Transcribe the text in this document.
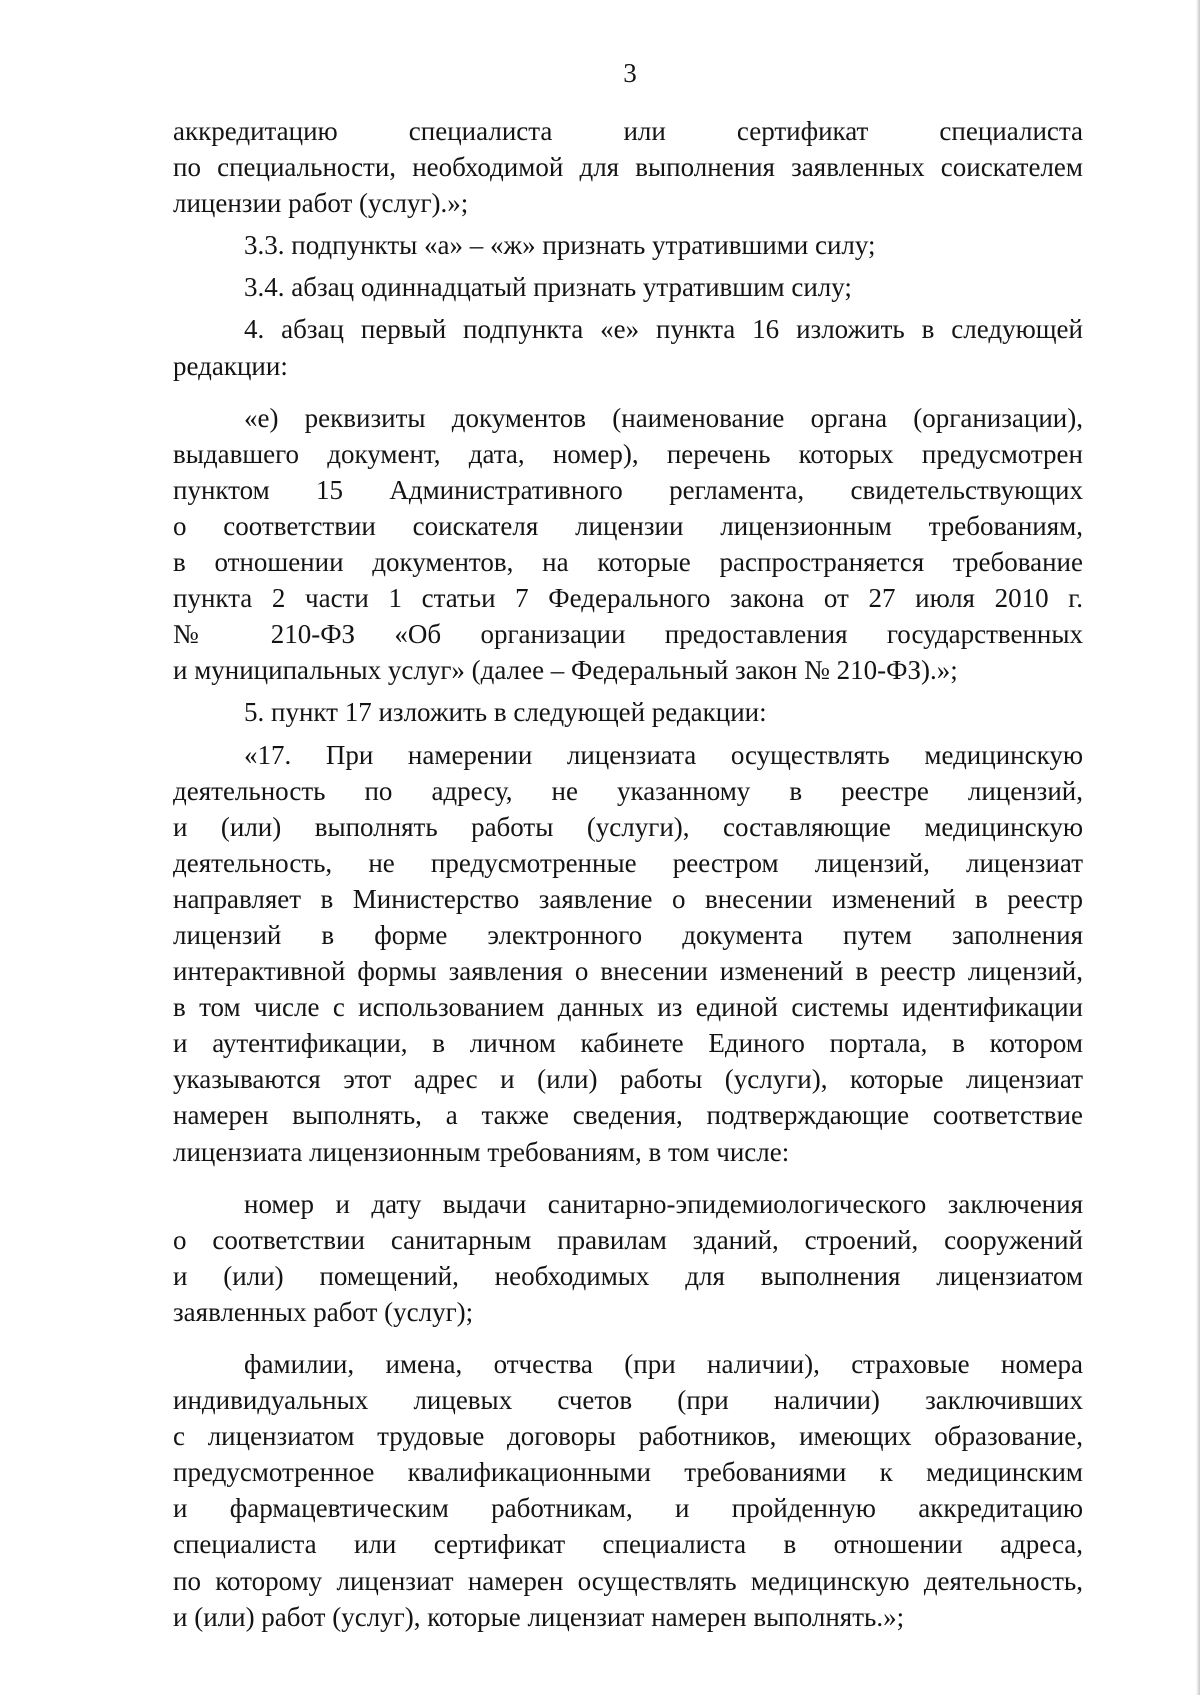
3
аккредитацию специалиста или сертификат специалиста
по специальности, необходимой для выполнения заявленных соискателем
лицензии работ (услуг).»;
3.3. подпункты «а» – «ж» признать утратившими силу;
3.4. абзац одиннадцатый признать утратившим силу;
4. абзац первый подпункта «е» пункта 16 изложить в следующей
редакции:
«е) реквизиты документов (наименование органа (организации),
выдавшего документ, дата, номер), перечень которых предусмотрен
пунктом 15 Административного регламента, свидетельствующих
о соответствии соискателя лицензии лицензионным требованиям,
в отношении документов, на которые распространяется требование
пункта 2 части 1 статьи 7 Федерального закона от 27 июля 2010 г.
№ 210-ФЗ «Об организации предоставления государственных
и муниципальных услуг» (далее – Федеральный закон № 210-ФЗ).»;
5. пункт 17 изложить в следующей редакции:
«17. При намерении лицензиата осуществлять медицинскую
деятельность по адресу, не указанному в реестре лицензий,
и (или) выполнять работы (услуги), составляющие медицинскую
деятельность, не предусмотренные реестром лицензий, лицензиат
направляет в Министерство заявление о внесении изменений в реестр
лицензий в форме электронного документа путем заполнения
интерактивной формы заявления о внесении изменений в реестр лицензий,
в том числе с использованием данных из единой системы идентификации
и аутентификации, в личном кабинете Единого портала, в котором
указываются этот адрес и (или) работы (услуги), которые лицензиат
намерен выполнять, а также сведения, подтверждающие соответствие
лицензиата лицензионным требованиям, в том числе:
номер и дату выдачи санитарно-эпидемиологического заключения
о соответствии санитарным правилам зданий, строений, сооружений
и (или) помещений, необходимых для выполнения лицензиатом
заявленных работ (услуг);
фамилии, имена, отчества (при наличии), страховые номера
индивидуальных лицевых счетов (при наличии) заключивших
с лицензиатом трудовые договоры работников, имеющих образование,
предусмотренное квалификационными требованиями к медицинским
и фармацевтическим работникам, и пройденную аккредитацию
специалиста или сертификат специалиста в отношении адреса,
по которому лицензиат намерен осуществлять медицинскую деятельность,
и (или) работ (услуг), которые лицензиат намерен выполнять.»;
